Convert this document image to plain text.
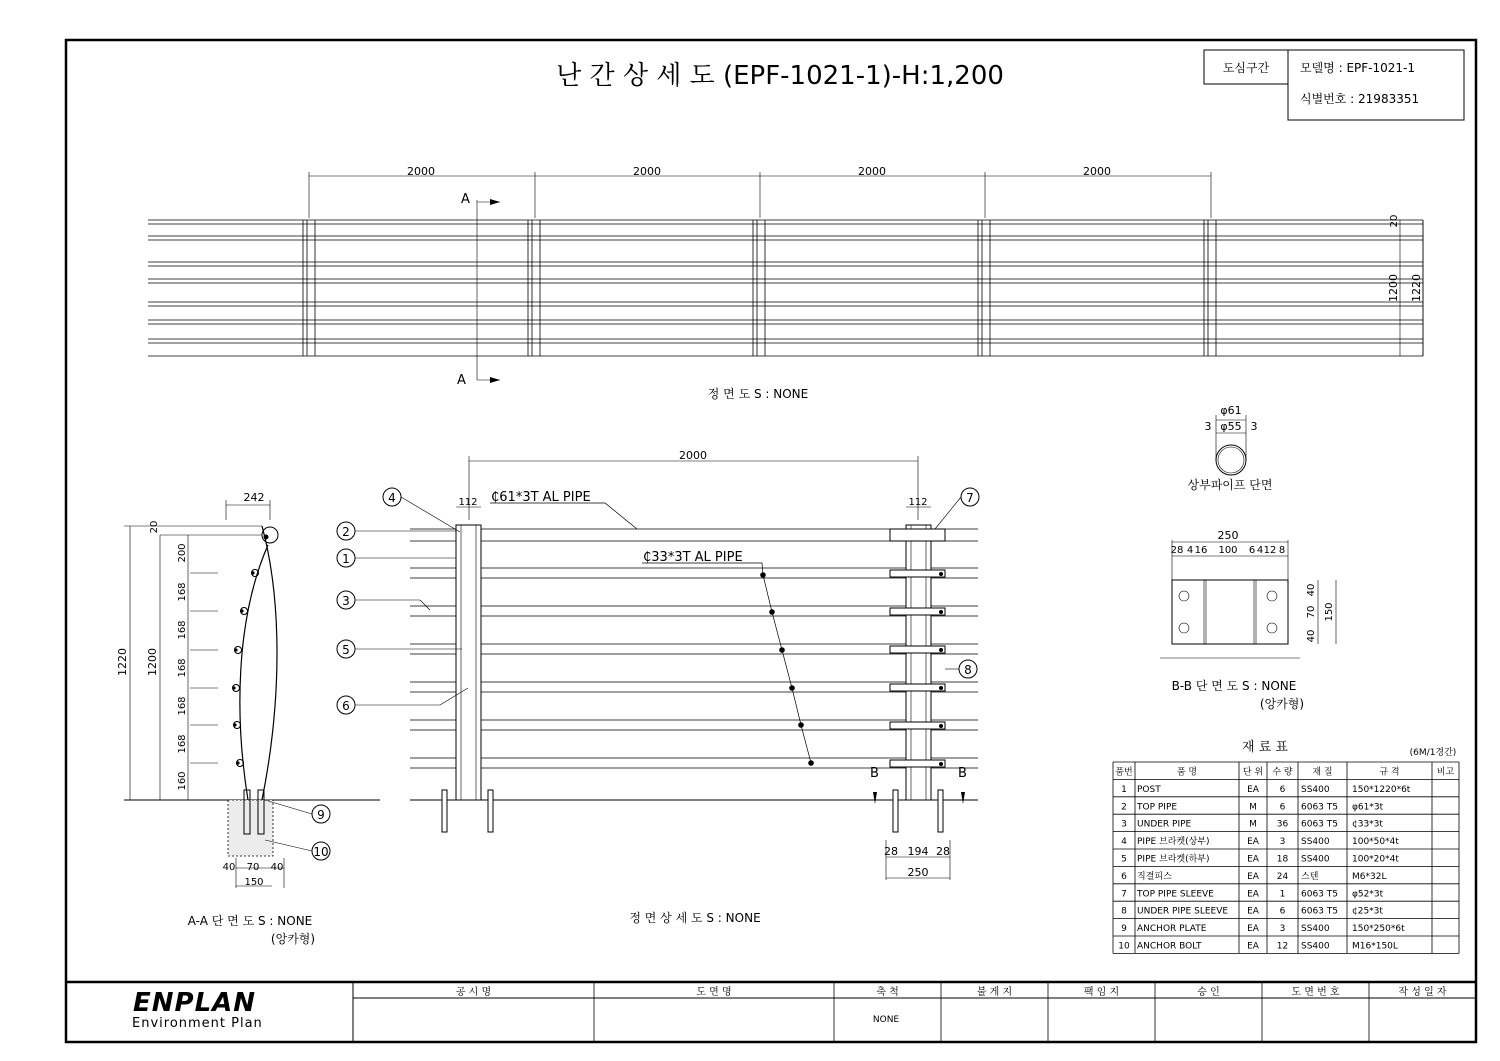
난 간 상 세 도 (EPF-1021-1)-H:1,200	도심구간	모델명 : EPF-1021-1
식별번호 : 21983351
2000	2000	2000	2000
A
A
20
1200 1220
정 면 도 S : NONE
φ61
φ55
3	3
상부파이프 단면
250
28 4 16 100 6 4 12 8
40
70
40
150
B-B 단 면 도 S : NONE
(앙카형)
242
20
1220 1200
200
168
168
168
168
168
160
40 70 40
150
9
10
A-A 단 면 도 S : NONE
(앙카형)
2000
112	112
₵33*3T AL PIPE
₵61*3T AL PIPE
B	B
28 194 28
250
4
2
1
3
5
6
7
8
정 면 상 세 도 S : NONE
재 료 표	(6M/1경간)
품번	품 명	단 위 수 량 재 질	규 격	비고
1 POST	EA 6 SS400 150*1220*6t
2 TOP PIPE	M	6 6063 T5 φ61*3t
3 UNDER PIPE	M 36 6063 T5 ¢33*3t
4 PIPE 브라켓(상부)	EA 3 SS400 100*50*4t
5 PIPE 브라켓(하부)	EA 18 SS400 100*20*4t
6 직결피스	EA 24 스텐	M6*32L
7 TOP PIPE SLEEVE	EA 1 6063 T5 φ52*3t
8 UNDER PIPE SLEEVE EA 6 6063 T5 ¢25*3t
9 ANCHOR PLATE	EA 3 SS400 150*250*6t
10 ANCHOR BOLT	EA 12 SS400 M16*150L
ENPLAN
Environment Plan
공 시 명	도 면 명	축 척	불 게 지	팩 임 지	승 인	도 면 번 호	작 성 일 자
NONE
